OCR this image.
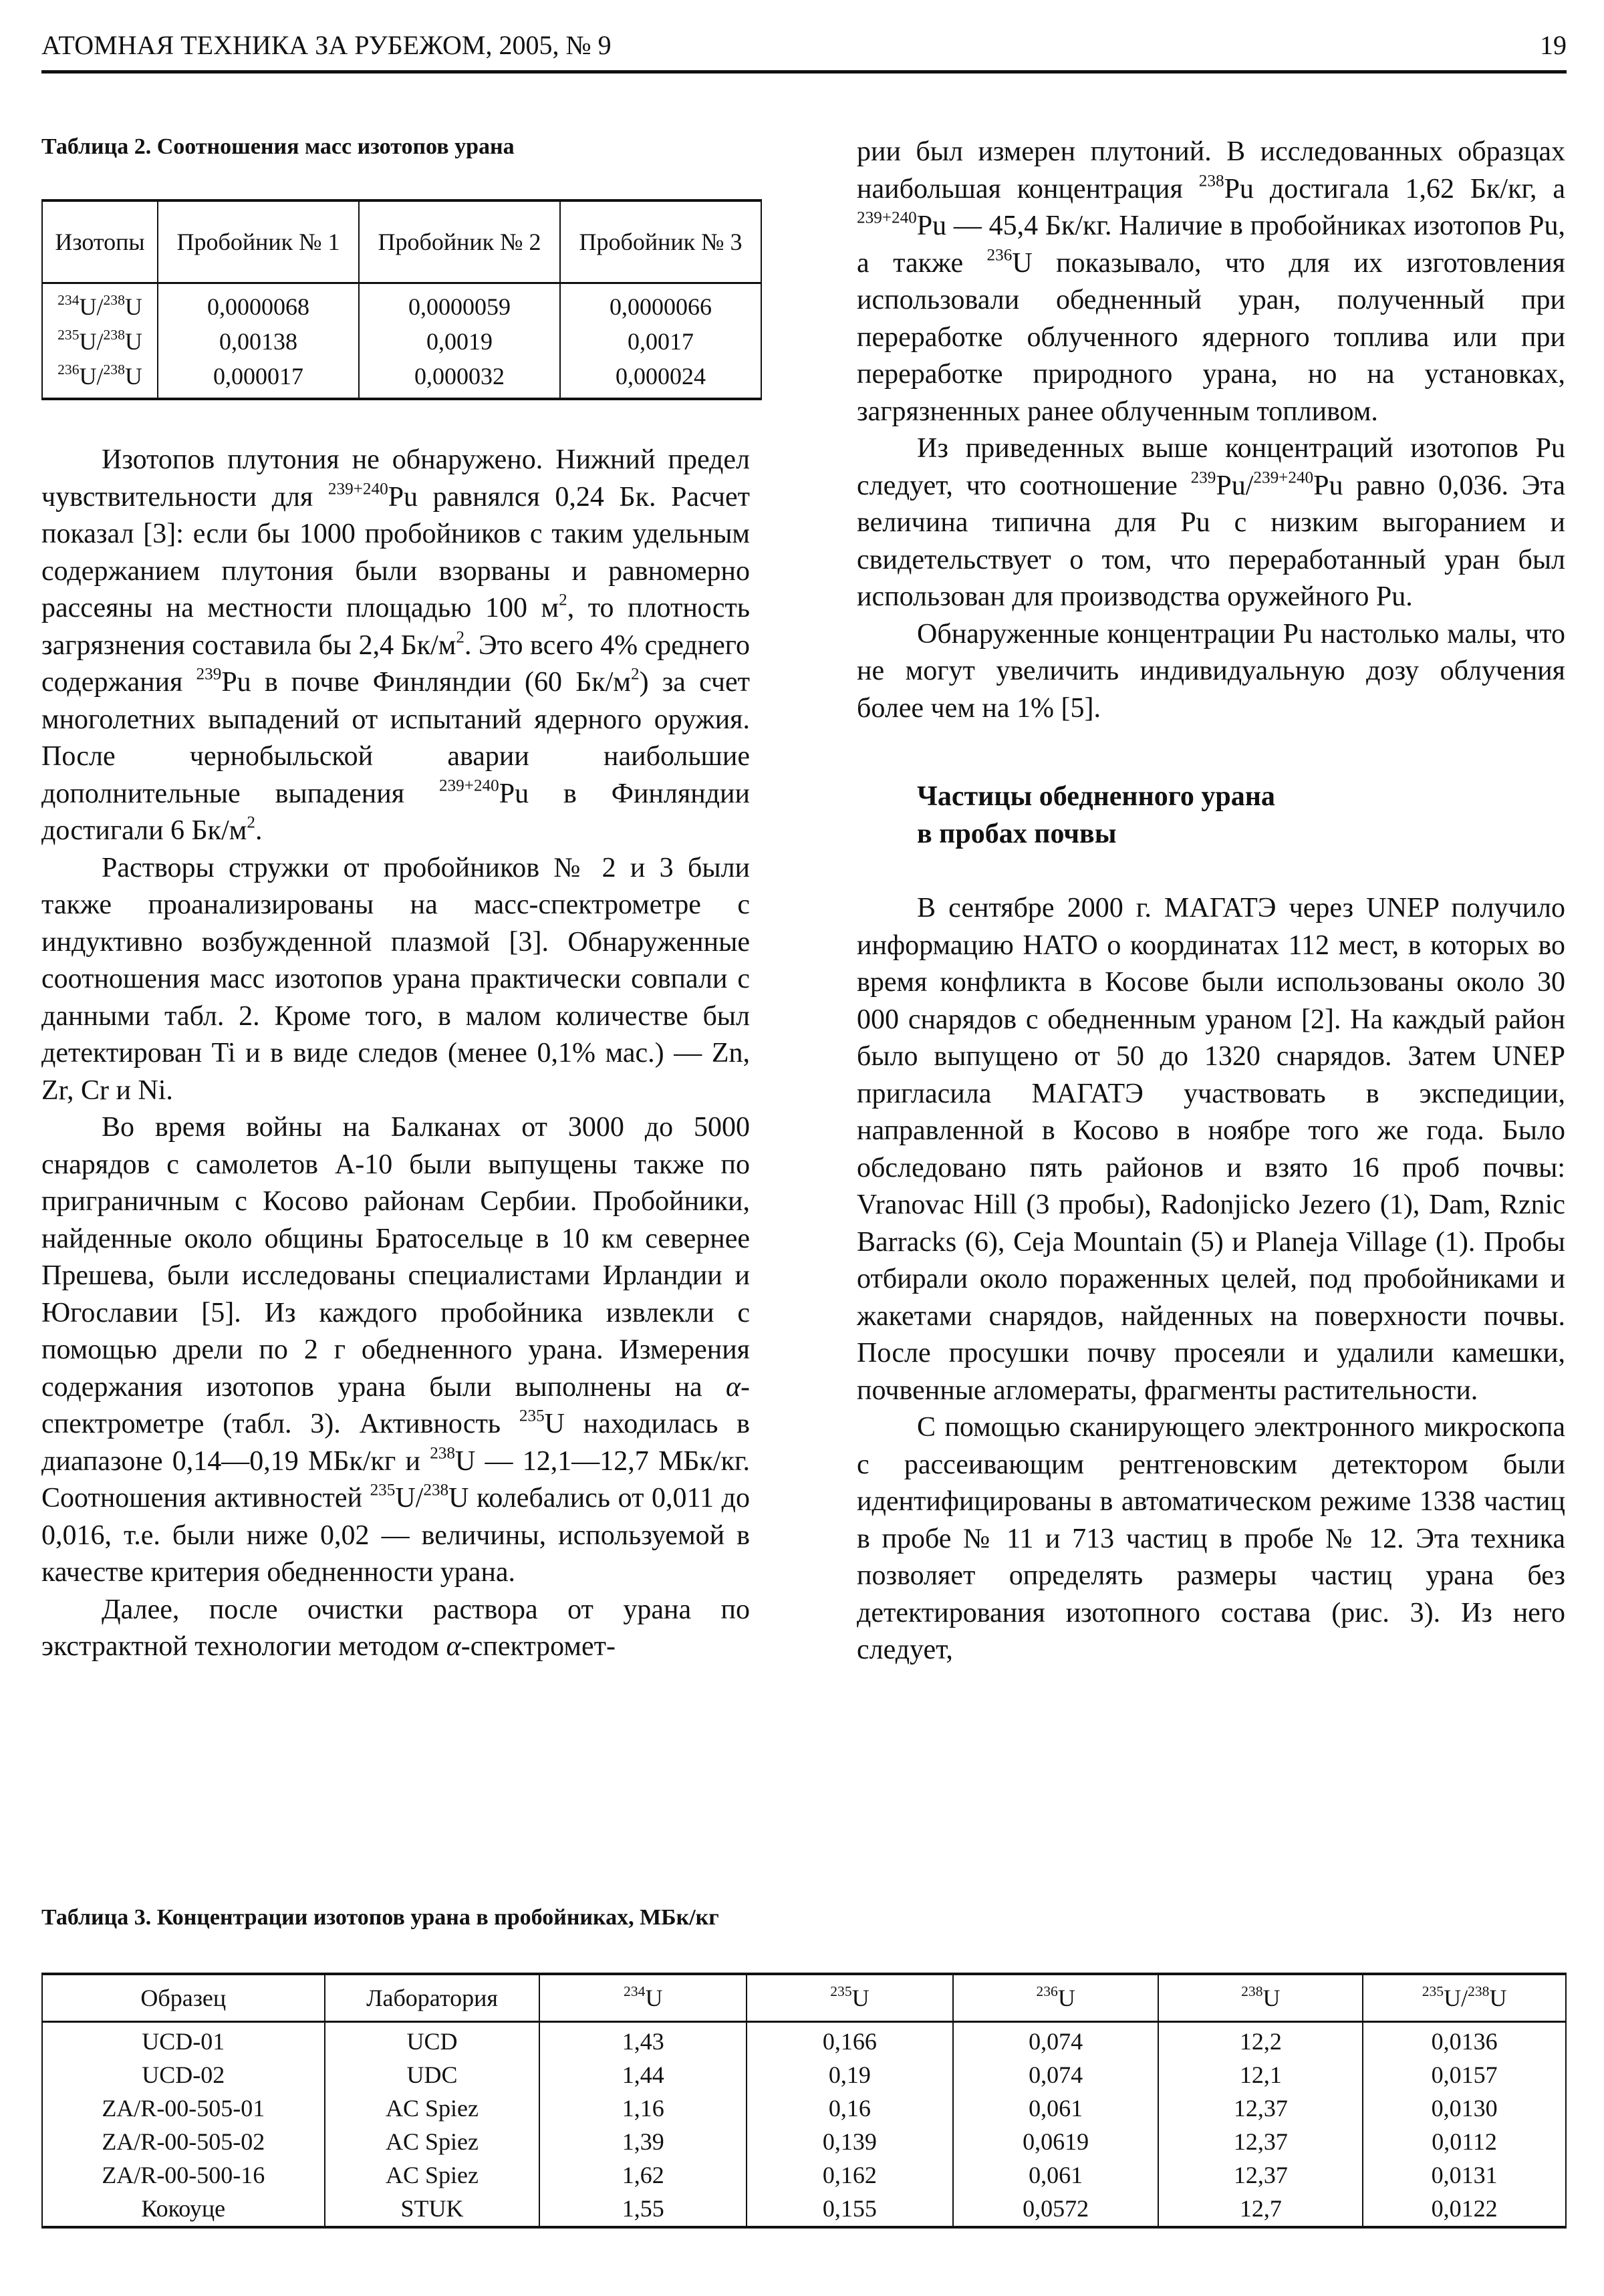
АТОМНАЯ ТЕХНИКА ЗА РУБЕЖОМ, 2005, № 9	19
Таблица 2. Соотношения масс изотопов урана
Изотопы	Пробойник № 1	Пробойник № 2	Пробойник № 3
$^{234}$U/$^{238}$U	0,0000068	0,0000059	0,0000066
$^{235}$U/$^{238}$U	0,00138	0,0019	0,0017
$^{236}$U/$^{238}$U	0,000017	0,000032	0,000024

Изотопов плутония не обнаружено. Нижний предел чувствительности для $^{239+240}$Pu равнялся 0,24 Бк. Расчет показал [3]: если бы 1000 пробойников с таким удельным содержанием плутония были взорваны и равномерно рассеяны на местности площадью 100 $м^2$, то плотность загрязнения составила бы 2,4 $Бк/м^2$. Это всего 4% среднего содержания $^{239}$Pu в почве Финляндии (60 $Бк/м^2$) за счет многолетних выпадений от испытаний ядерного оружия. После чернобыльской аварии наибольшие дополнительные выпадения $^{239+240}$Pu в Финляндии достигали 6 $Бк/м^2$.

Растворы стружки от пробойников № 2 и 3 были также проанализированы на масс-спектрометре с индуктивно возбужденной плазмой [3]. Обнаруженные соотношения масс изотопов урана практически совпали с данными табл. 2. Кроме того, в малом количестве был детектирован Ti и в виде следов (менее 0,1% мас.) — Zn, Zr, Cr и Ni.

Во время войны на Балканах от 3000 до 5000 снарядов с самолетов А-10 были выпущены также по приграничным с Косово районам Сербии. Пробойники, найденные около общины Братосельце в 10 км севернее Прешева, были исследованы специалистами Ирландии и Югославии [5]. Из каждого пробойника извлекли с помощью дрели по 2 г обедненного урана. Измерения содержания изотопов урана были выполнены на α-спектрометре (табл. 3). Активность $^{235}$U находилась в диапазоне 0,14—0,19 МБк/кг и $^{238}$U — 12,1—12,7 МБк/кг. Соотношения активностей $^{235}$U/$^{238}$U колебались от 0,011 до 0,016, т.е. были ниже 0,02 — величины, используемой в качестве критерия обедненности урана.

Далее, после очистки раствора от урана по экстрактной технологии методом α-спектромет-

рии был измерен плутоний. В исследованных образцах наибольшая концентрация $^{238}$Pu достигала 1,62 Бк/кг, а $^{239+240}$Pu — 45,4 Бк/кг. Наличие в пробойниках изотопов Pu, а также $^{236}$U показывало, что для их изготовления использовали обедненный уран, полученный при переработке облученного ядерного топлива или при переработке природного урана, но на установках, загрязненных ранее облученным топливом.

Из приведенных выше концентраций изотопов Pu следует, что соотношение $^{239}$Pu/$^{239+240}$Pu равно 0,036. Эта величина типична для Pu с низким выгоранием и свидетельствует о том, что переработанный уран был использован для производства оружейного Pu.

Обнаруженные концентрации Pu настолько малы, что не могут увеличить индивидуальную дозу облучения более чем на 1% [5].

Частицы обедненного урана
в пробах почвы

В сентябре 2000 г. МАГАТЭ через UNEP получило информацию НАТО о координатах 112 мест, в которых во время конфликта в Косове были использованы около 30 000 снарядов с обедненным ураном [2]. На каждый район было выпущено от 50 до 1320 снарядов. Затем UNEP пригласила МАГАТЭ участвовать в экспедиции, направленной в Косово в ноябре того же года. Было обследовано пять районов и взято 16 проб почвы: Vranovac Hill (3 пробы), Radonjicko Jezero (1), Dam, Rznic Barracks (6), Ceja Mountain (5) и Planeja Village (1). Пробы отбирали около пораженных целей, под пробойниками и жакетами снарядов, найденных на поверхности почвы. После просушки почву просеяли и удалили камешки, почвенные агломераты, фрагменты растительности.

С помощью сканирующего электронного микроскопа с рассеивающим рентгеновским детектором были идентифицированы в автоматическом режиме 1338 частиц в пробе № 11 и 713 частиц в пробе № 12. Эта техника позволяет определять размеры частиц урана без детектирования изотопного состава (рис. 3). Из него следует,

Таблица 3. Концентрации изотопов урана в пробойниках, МБк/кг
Образец	Лаборатория	$^{234}$U	$^{235}$U	$^{236}$U	$^{238}$U	$^{235}$U/$^{238}$U
UCD-01	UCD	1,43	0,166	0,074	12,2	0,0136
UCD-02	UDC	1,44	0,19	0,074	12,1	0,0157
ZA/R-00-505-01	AC Spiez	1,16	0,16	0,061	12,37	0,0130
ZA/R-00-505-02	AC Spiez	1,39	0,139	0,0619	12,37	0,0112
ZA/R-00-500-16	AC Spiez	1,62	0,162	0,061	12,37	0,0131
Кокоуце	STUK	1,55	0,155	0,0572	12,7	0,0122
